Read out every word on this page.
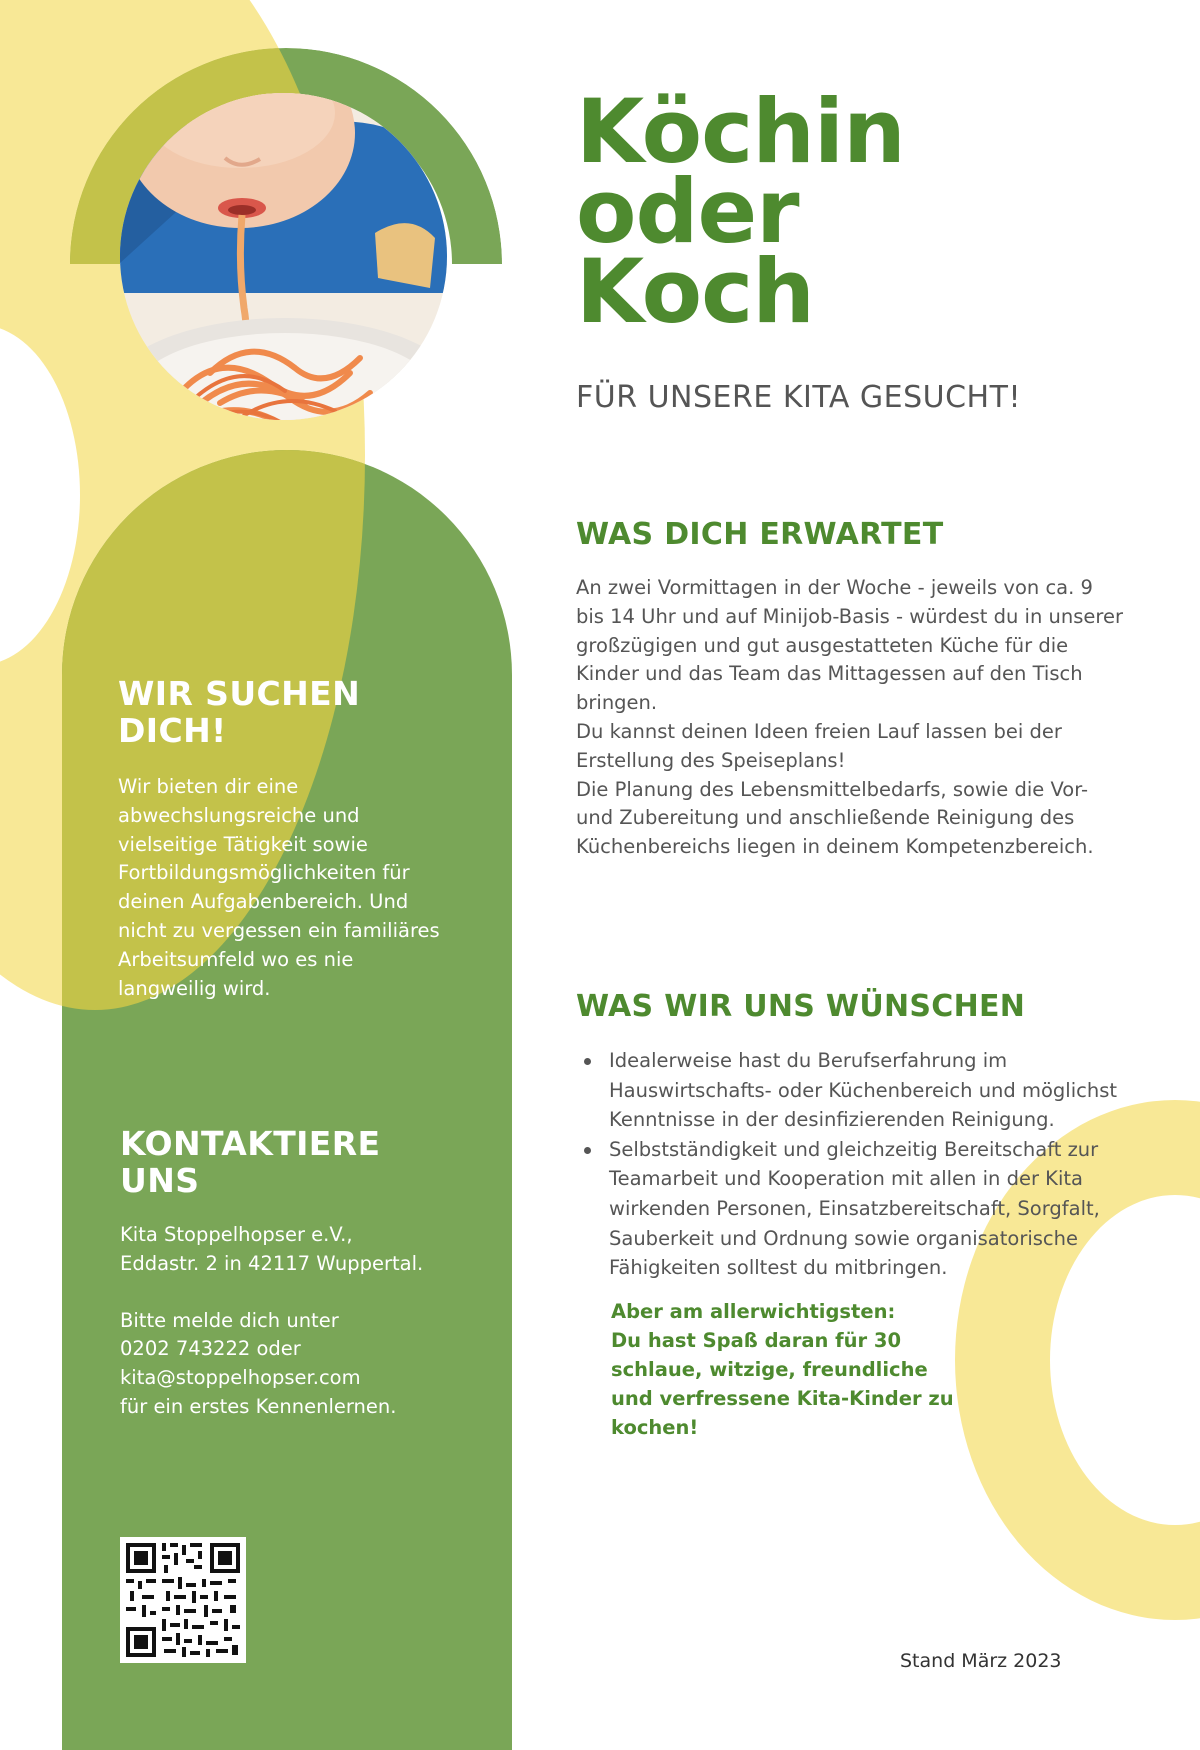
Köchin
oder
Koch

FÜR UNSERE KITA GESUCHT!

WAS DICH ERWARTET

An zwei Vormittagen in der Woche - jeweils von ca. 9
bis 14 Uhr und auf Minijob-Basis - würdest du in unserer
großzügigen und gut ausgestatteten Küche für die
Kinder und das Team das Mittagessen auf den Tisch
bringen.
Du kannst deinen Ideen freien Lauf lassen bei der
Erstellung des Speiseplans!
Die Planung des Lebensmittelbedarfs, sowie die Vor-
und Zubereitung und anschließende Reinigung des
Küchenbereichs liegen in deinem Kompetenzbereich.

WAS WIR UNS WÜNSCHEN
Idealerweise hast du Berufserfahrung im
Hauswirtschafts- oder Küchenbereich und möglichst
Kenntnisse in der desinfizierenden Reinigung.
Selbstständigkeit und gleichzeitig Bereitschaft zur
Teamarbeit und Kooperation mit allen in der Kita
wirkenden Personen, Einsatzbereitschaft, Sorgfalt,
Sauberkeit und Ordnung sowie organisatorische
Fähigkeiten solltest du mitbringen.

Aber am allerwichtigsten:
Du hast Spaß daran für 30
schlaue, witzige, freundliche
und verfressene Kita-Kinder zu
kochen!

WIR SUCHEN
DICH!

Wir bieten dir eine
abwechslungsreiche und
vielseitige Tätigkeit sowie
Fortbildungsmöglichkeiten für
deinen Aufgabenbereich. Und
nicht zu vergessen ein familiäres
Arbeitsumfeld wo es nie
langweilig wird.

KONTAKTIERE
UNS

Kita Stoppelhopser e.V.,
Eddastr. 2 in 42117 Wuppertal.

Bitte melde dich unter
0202 743222 oder
kita@stoppelhopser.com
für ein erstes Kennenlernen.

Stand März 2023
